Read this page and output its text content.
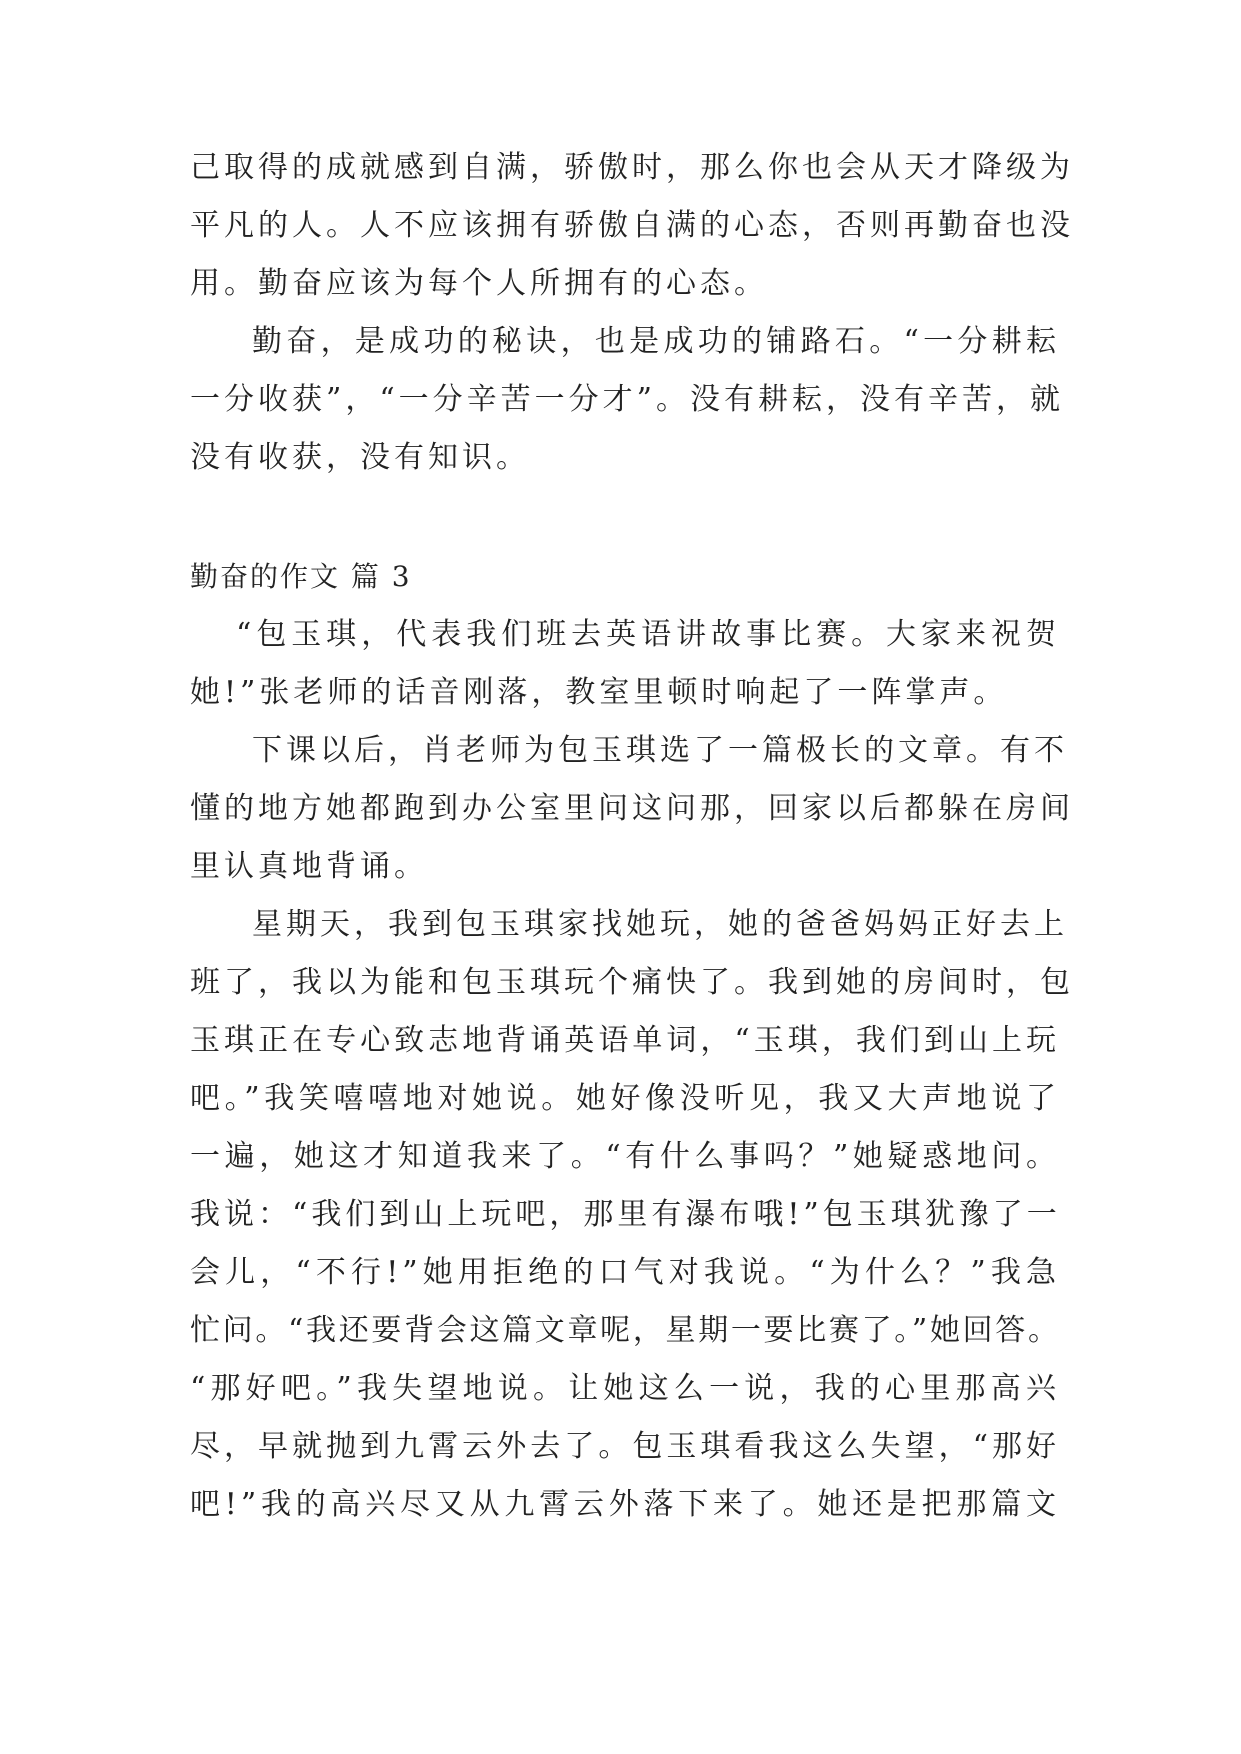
己取得的成就感到自满，骄傲时，那么你也会从天才降级为
平凡的人。人不应该拥有骄傲自满的心态，否则再勤奋也没
用。勤奋应该为每个人所拥有的心态。
勤奋，是成功的秘诀，也是成功的铺路石。“一分耕耘
一分收获”，“一分辛苦一分才”。没有耕耘，没有辛苦，就
没有收获，没有知识。
勤奋的作文 篇 3
“包玉琪，代表我们班去英语讲故事比赛。大家来祝贺
她!”张老师的话音刚落，教室里顿时响起了一阵掌声。
下课以后，肖老师为包玉琪选了一篇极长的文章。有不
懂的地方她都跑到办公室里问这问那，回家以后都躲在房间
里认真地背诵。
星期天，我到包玉琪家找她玩，她的爸爸妈妈正好去上
班了，我以为能和包玉琪玩个痛快了。我到她的房间时，包
玉琪正在专心致志地背诵英语单词，“玉琪，我们到山上玩
吧。”我笑嘻嘻地对她说。她好像没听见，我又大声地说了
一遍，她这才知道我来了。“有什么事吗？”她疑惑地问。
我说：“我们到山上玩吧，那里有瀑布哦!”包玉琪犹豫了一
会儿，“不行!”她用拒绝的口气对我说。“为什么？”我急
忙问。“我还要背会这篇文章呢，星期一要比赛了。”她回答。
“那好吧。”我失望地说。让她这么一说，我的心里那高兴
尽，早就抛到九霄云外去了。包玉琪看我这么失望，“那好
吧!”我的高兴尽又从九霄云外落下来了。她还是把那篇文
